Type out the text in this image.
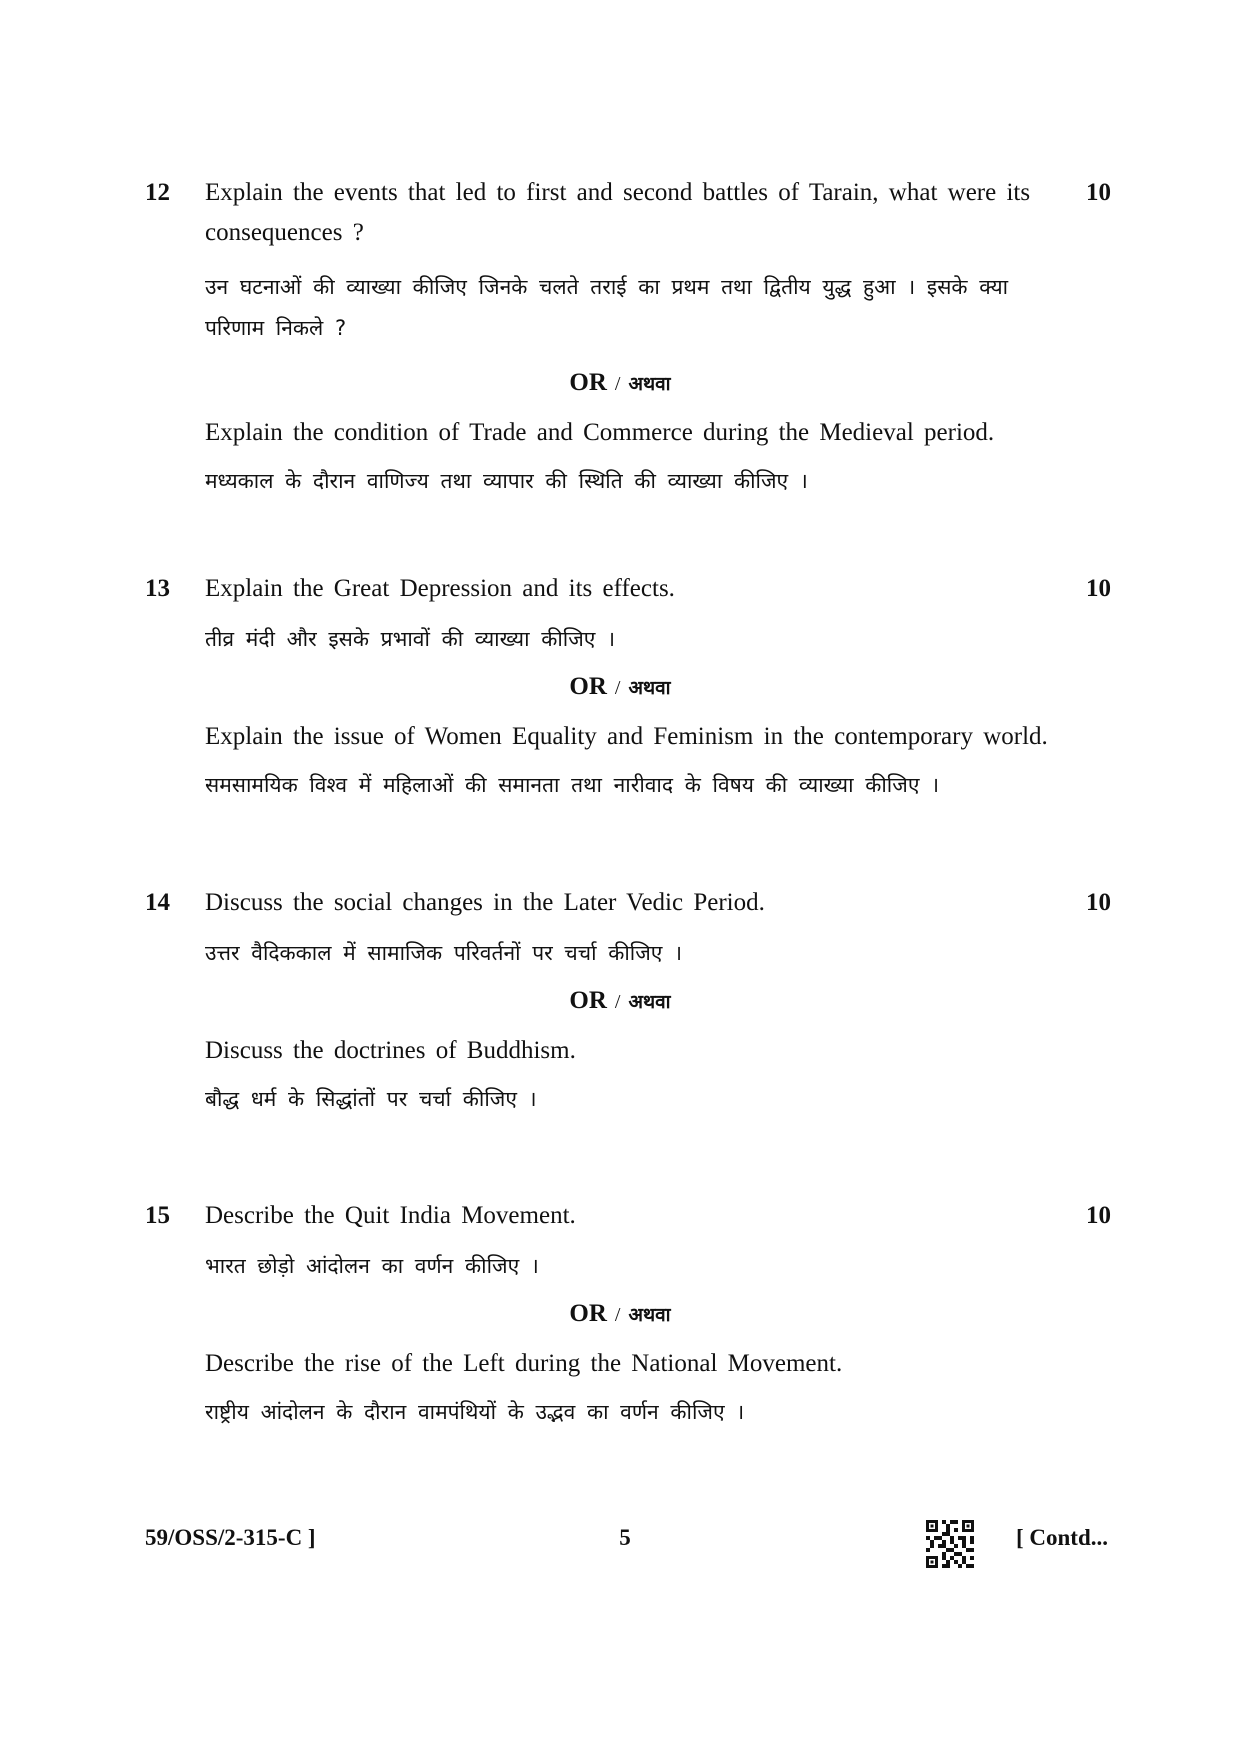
12	10
Explain the events that led to first and second battles of Tarain, what were its consequences ?
उन घटनाओं की व्याख्या कीजिए जिनके चलते तराई का प्रथम तथा द्वितीय युद्ध हुआ । इसके क्या परिणाम निकले ?
OR / अथवा
Explain the condition of Trade and Commerce during the Medieval period.
मध्यकाल के दौरान वाणिज्य तथा व्यापार की स्थिति की व्याख्या कीजिए ।
13	10
Explain the Great Depression and its effects.
तीव्र मंदी और इसके प्रभावों की व्याख्या कीजिए ।
OR / अथवा
Explain the issue of Women Equality and Feminism in the contemporary world.
समसामयिक विश्व में महिलाओं की समानता तथा नारीवाद के विषय की व्याख्या कीजिए ।
14	10
Discuss the social changes in the Later Vedic Period.
उत्तर वैदिककाल में सामाजिक परिवर्तनों पर चर्चा कीजिए ।
OR / अथवा
Discuss the doctrines of Buddhism.
बौद्ध धर्म के सिद्धांतों पर चर्चा कीजिए ।
15	10
Describe the Quit India Movement.
भारत छोड़ो आंदोलन का वर्णन कीजिए ।
OR / अथवा
Describe the rise of the Left during the National Movement.
राष्ट्रीय आंदोलन के दौरान वामपंथियों के उद्भव का वर्णन कीजिए ।
59/OSS/2-315-C ]	5	[ Contd...
